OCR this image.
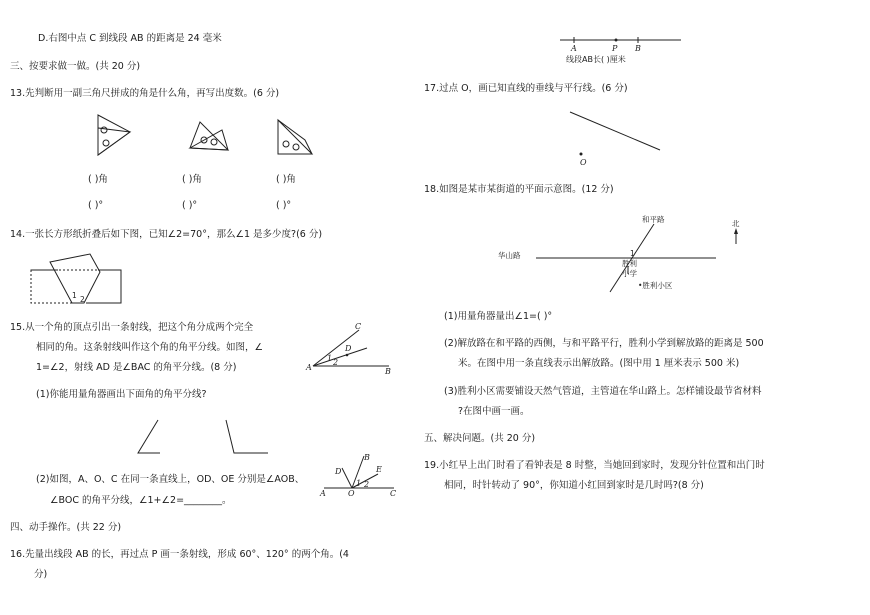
D.右图中点 C 到线段 AB 的距离是 24 毫米
三、按要求做一做。(共 20 分)
13.先判断用一副三角尺拼成的角是什么角，再写出度数。(6 分)
( )角	( )角	( )角
( )°	( )°	( )°
14.一张长方形纸折叠后如下图，已知∠2=70°，那么∠1 是多少度?(6 分)
1 2
15.从一个角的顶点引出一条射线，把这个角分成两个完全
相同的角。这条射线叫作这个角的角平分线。如图，∠
1=∠2，射线 AD 是∠BAC 的角平分线。(8 分)
C
D
A
1 2
B
(1)你能用量角器画出下面角的角平分线?
(2)如图，A、O、C 在同一条直线上，OD、OE 分别是∠AOB、
∠BOC 的角平分线，∠1+∠2=________。
B
D	E
A	O	C
1 2
四、动手操作。(共 22 分)
16.先量出线段 AB 的长，再过点 P 画一条射线，形成 60°、120° 的两个角。(4
分)
A	P B
线段AB长( )厘米
17.过点 O，画已知直线的垂线与平行线。(6 分)
O
18.如图是某市某街道的平面示意图。(12 分)
和平路	北
华山路	1
胜利
小学
•胜利小区
(1)用量角器量出∠1=( )°
(2)解放路在和平路的西侧，与和平路平行，胜利小学到解放路的距离是 500
米。在图中用一条直线表示出解放路。(图中用 1 厘米表示 500 米)
(3)胜利小区需要铺设天然气管道，主管道在华山路上。怎样铺设最节省材料
?在图中画一画。
五、解决问题。(共 20 分)
19.小红早上出门时看了看钟表是 8 时整，当她回到家时，发现分针位置和出门时
相同，时针转动了 90°，你知道小红回到家时是几时吗?(8 分)
